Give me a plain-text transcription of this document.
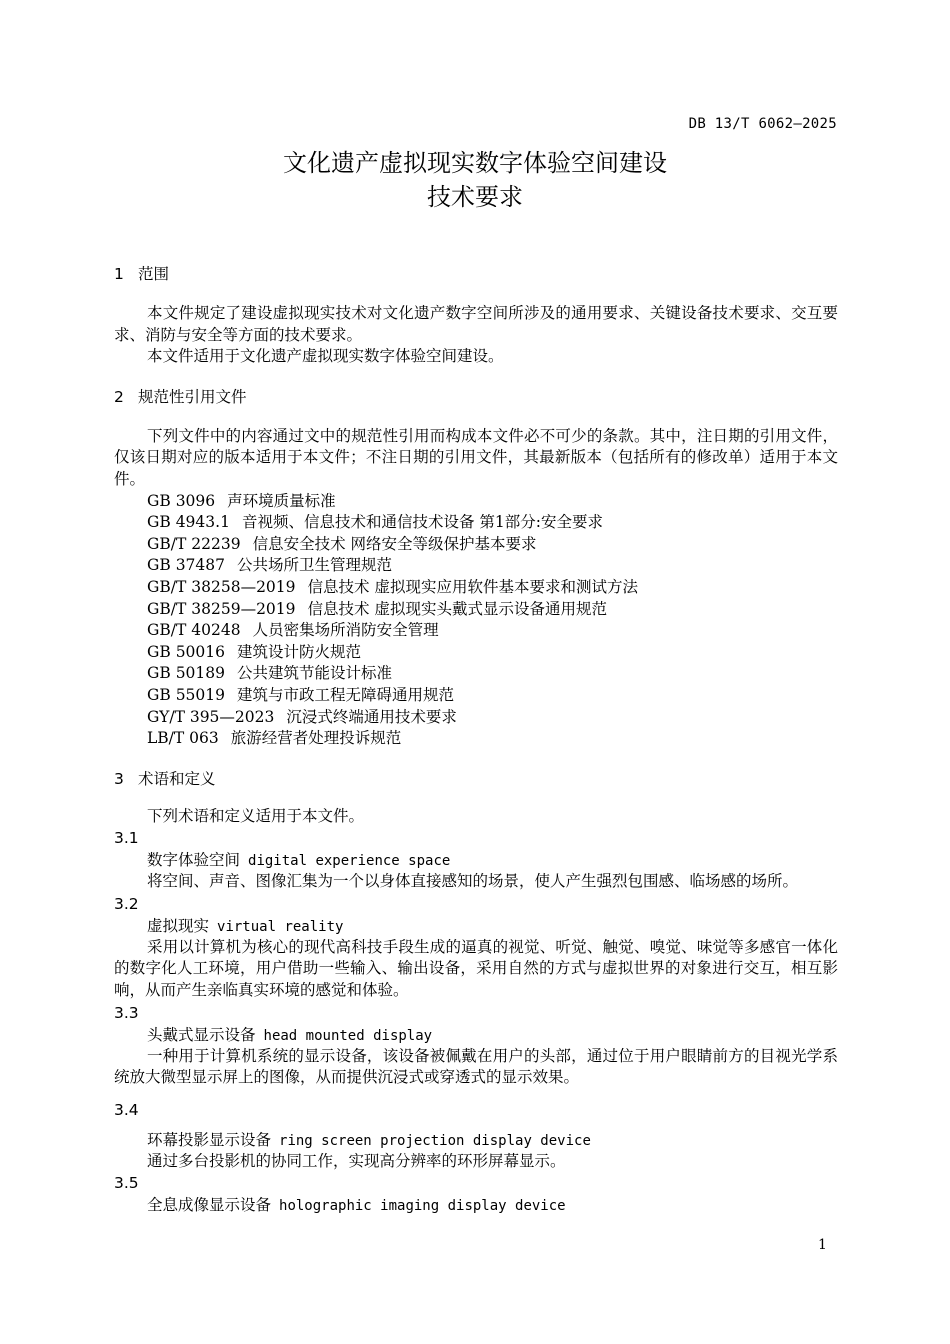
DB 13/T 6062—2025
文化遗产虚拟现实数字体验空间建设
技术要求
1 范围

本文件规定了建设虚拟现实技术对文化遗产数字空间所涉及的通用要求、关键设备技术要求、交互要求、消防与安全等方面的技术要求。

本文件适用于文化遗产虚拟现实数字体验空间建设。

2 规范性引用文件

下列文件中的内容通过文中的规范性引用而构成本文件必不可少的条款。其中，注日期的引用文件，仅该日期对应的版本适用于本文件；不注日期的引用文件，其最新版本（包括所有的修改单）适用于本文件。

GB 3096 声环境质量标准
GB 4943.1 音视频、信息技术和通信技术设备 第1部分:安全要求
GB/T 22239 信息安全技术 网络安全等级保护基本要求
GB 37487 公共场所卫生管理规范
GB/T 38258—2019 信息技术 虚拟现实应用软件基本要求和测试方法
GB/T 38259—2019 信息技术 虚拟现实头戴式显示设备通用规范
GB/T 40248 人员密集场所消防安全管理
GB 50016 建筑设计防火规范
GB 50189 公共建筑节能设计标准
GB 55019 建筑与市政工程无障碍通用规范
GY/T 395—2023 沉浸式终端通用技术要求
LB/T 063 旅游经营者处理投诉规范
3 术语和定义

下列术语和定义适用于本文件。

3.1
数字体验空间 digital experience space

将空间、声音、图像汇集为一个以身体直接感知的场景，使人产生强烈包围感、临场感的场所。

3.2
虚拟现实 virtual reality

采用以计算机为核心的现代高科技手段生成的逼真的视觉、听觉、触觉、嗅觉、味觉等多感官一体化的数字化人工环境，用户借助一些输入、输出设备，采用自然的方式与虚拟世界的对象进行交互，相互影响，从而产生亲临真实环境的感觉和体验。

3.3
头戴式显示设备 head mounted display

一种用于计算机系统的显示设备，该设备被佩戴在用户的头部，通过位于用户眼睛前方的目视光学系统放大微型显示屏上的图像，从而提供沉浸式或穿透式的显示效果。

3.4
环幕投影显示设备 ring screen projection display device

通过多台投影机的协同工作，实现高分辨率的环形屏幕显示。

3.5
全息成像显示设备 holographic imaging display device
1
